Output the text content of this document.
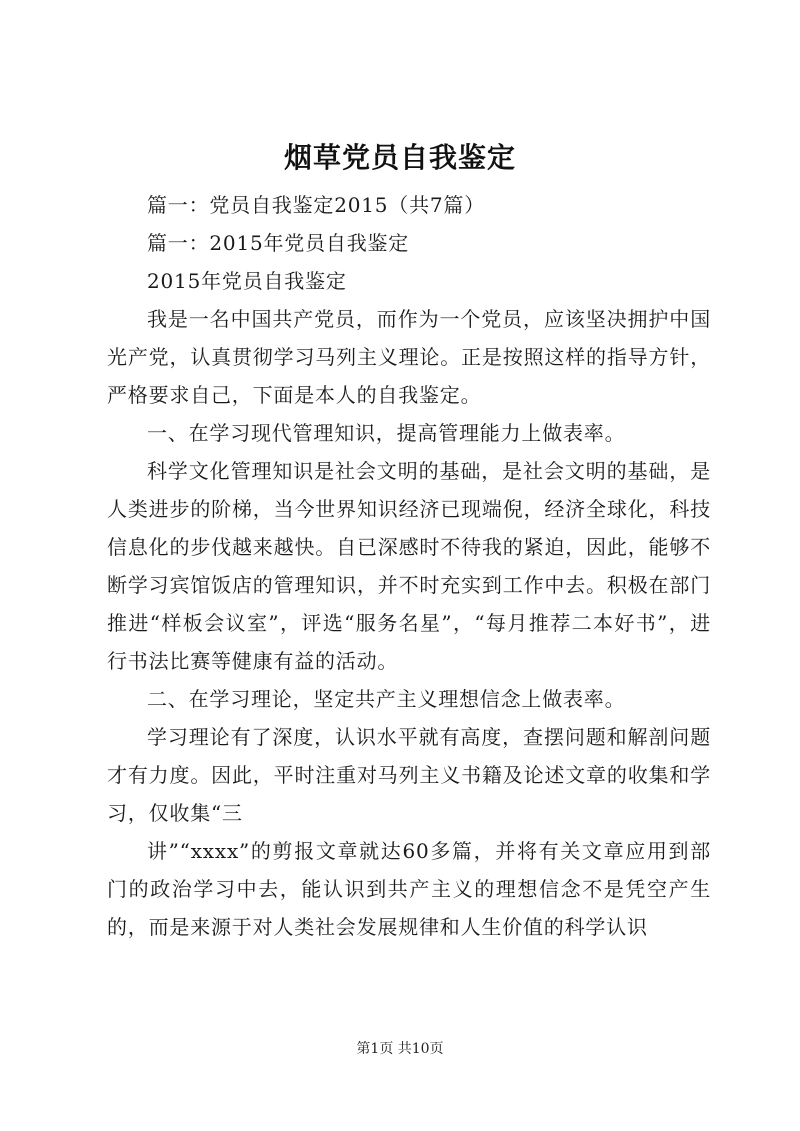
烟草党员自我鉴定

篇一：党员自我鉴定2015（共7篇）

篇一：2015年党员自我鉴定

2015年党员自我鉴定

我是一名中国共产党员，而作为一个党员，应该坚决拥护中国光产党，认真贯彻学习马列主义理论。正是按照这样的指导方针，严格要求自己，下面是本人的自我鉴定。

一、在学习现代管理知识，提高管理能力上做表率。

科学文化管理知识是社会文明的基础，是社会文明的基础，是人类进步的阶梯，当今世界知识经济已现端倪，经济全球化，科技信息化的步伐越来越快。自已深感时不待我的紧迫，因此，能够不断学习宾馆饭店的管理知识，并不时充实到工作中去。积极在部门推进“样板会议室”，评选“服务名星”，“每月推荐二本好书”，进行书法比赛等健康有益的活动。

二、在学习理论，坚定共产主义理想信念上做表率。

学习理论有了深度，认识水平就有高度，查摆问题和解剖问题才有力度。因此，平时注重对马列主义书籍及论述文章的收集和学习，仅收集“三

讲”“xxxx”的剪报文章就达60多篇，并将有关文章应用到部门的政治学习中去，能认识到共产主义的理想信念不是凭空产生的，而是来源于对人类社会发展规律和人生价值的科学认识

第1页 共10页
